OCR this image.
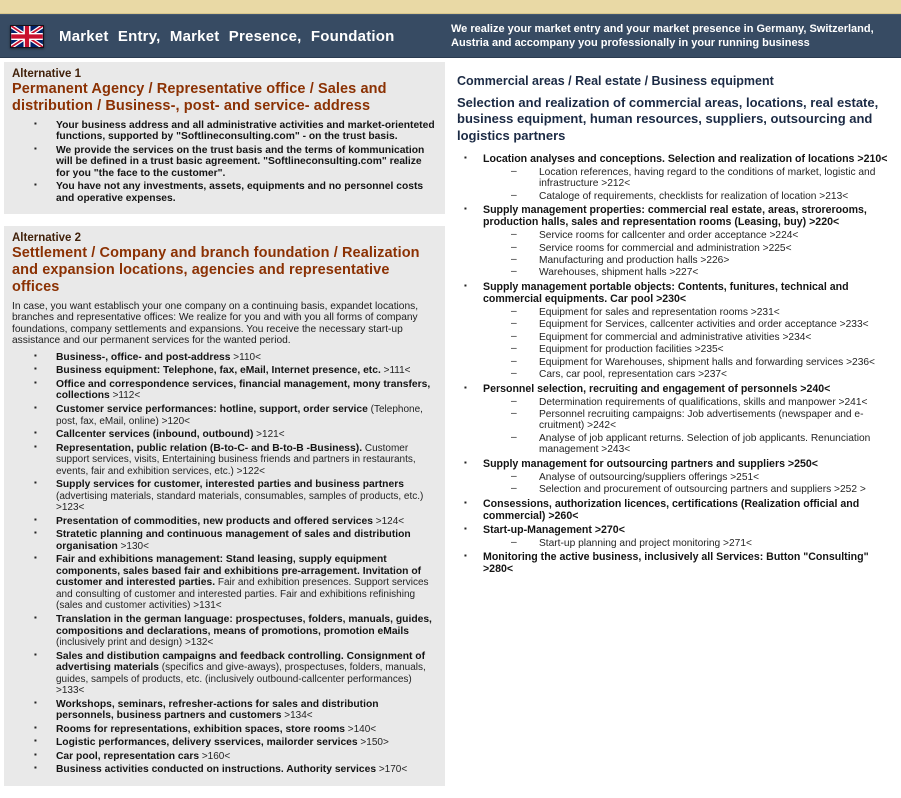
Market Entry, Market Presence, Foundation	We realize your market entry and your market presence in Germany, Switzerland, Austria and accompany you professionally in your running business

Alternative 1
Permanent Agency / Representative office / Sales and distribution / Business-, post- and service- address
▪ Your business address and all administrative activities and market-orienteted functions, supported by "Softlineconsulting.com" - on the trust basis.
▪ We provide the services on the trust basis and the terms of kommunication will be defined in a trust basic agreement. "Softlineconsulting.com" realize for you "the face to the customer".
▪ You have not any investments, assets, equipments and no personnel costs and operative expenses.
Alternative 2
Settlement / Company and branch foundation / Realization and expansion locations, agencies and representative offices

In case, you want establisch your one company on a continuing basis, expandet locations, branches and representative offices: We realize for you and with you all forms of company foundations, company settlements and expansions. You receive the necessary start-up assistance and our permanent services for the wanted period.

▪ Business-, office- and post-address >110<
▪ Business equipment: Telephone, fax, eMail, Internet presence, etc. >111<
▪ Office and correspondence services, financial management, mony transfers, collections >112<
▪ Customer service performances: hotline, support, order service (Telephone, post, fax, eMail, online) >120<
▪ Callcenter services (inbound, outbound) >121<
▪ Representation, public relation (B-to-C- and B-to-B -Business). Customer support services, visits, Entertaining business friends and partners in restaurants, events, fair and exhibition services, etc.) >122<
▪ Supply services for customer, interested parties and business partners (advertising materials, standard materials, consumables, samples of products, etc.) >123<
▪ Presentation of commodities, new products and offered services >124<
▪ Stratetic planning and continuous management of sales and distribution organisation >130<
▪ Fair and exhibitions management: Stand leasing, supply equipment components, sales based fair and exhibitions pre-arragement. Invitation of customer and interested parties. Fair and exhibition presences. Support services and consulting of customer and interested parties. Fair and exhibitions refinishing (sales and customer activities) >131<
▪ Translation in the german language: prospectuses, folders, manuals, guides, compositions and declarations, means of promotions, promotion eMails (inclusively print and design) >132<
▪ Sales and distibution campaigns and feedback controlling. Consignment of advertising materials (specifics and give-aways), prospectuses, folders, manuals, guides, sampels of products, etc. (inclusively outbound-callcenter performances) >133<
▪ Workshops, seminars, refresher-actions for sales and distribution personnels, business partners and customers >134<
▪ Rooms for representations, exhibition spaces, store rooms >140<
▪ Logistic performances, delivery sservices, mailorder services >150>
▪ Car pool, representation cars >160<
▪ Business activities conducted on instructions. Authority services >170<
Commercial areas / Real estate / Business equipment
Selection and realization of commercial areas, locations, real estate, business equipment, human resources, suppliers, outsourcing and logistics partners
▪ Location analyses and conceptions. Selection and realization of locations >210<
– Location references, having regard to the conditions of market, logistic and infrastructure >212<
– Cataloge of requirements, checklists for realization of location >213<
▪ Supply management properties: commercial real estate, areas, strorerooms, production halls, sales and representation rooms (Leasing, buy) >220<
– Service rooms for callcenter and order acceptance >224<
– Service rooms for commercial and administration >225<
– Manufacturing and production halls >226>
– Warehouses, shipment halls >227<
▪ Supply management portable objects: Contents, funitures, technical and commercial equipments. Car pool >230<
– Equipment for sales and representation rooms >231<
– Equipment for Services, callcenter activities and order acceptance >233<
– Equipment for commercial and administrative ativities >234<
– Equipment for production facilities >235<
– Equipment for Warehouses, shipment halls and forwarding services >236<
– Cars, car pool, representation cars >237<
▪ Personnel selection, recruiting and engagement of personnels >240<
– Determination requirements of qualifications, skills and manpower >241<
– Personnel recruiting campaigns: Job advertisements (newspaper and e-cruitment) >242<
– Analyse of job applicant returns. Selection of job applicants. Renunciation management >243<
▪ Supply management for outsourcing partners and suppliers >250<
– Analyse of outsourcing/suppliers offerings >251<
– Selection and procurement of outsourcing partners and suppliers >252 >
▪ Consessions, authorization licences, certifications (Realization official and commercial) >260<
▪ Start-up-Management >270<
– Start-up planning and project monitoring >271<
▪ Monitoring the active business, inclusively all Services: Button "Consulting" >280<
